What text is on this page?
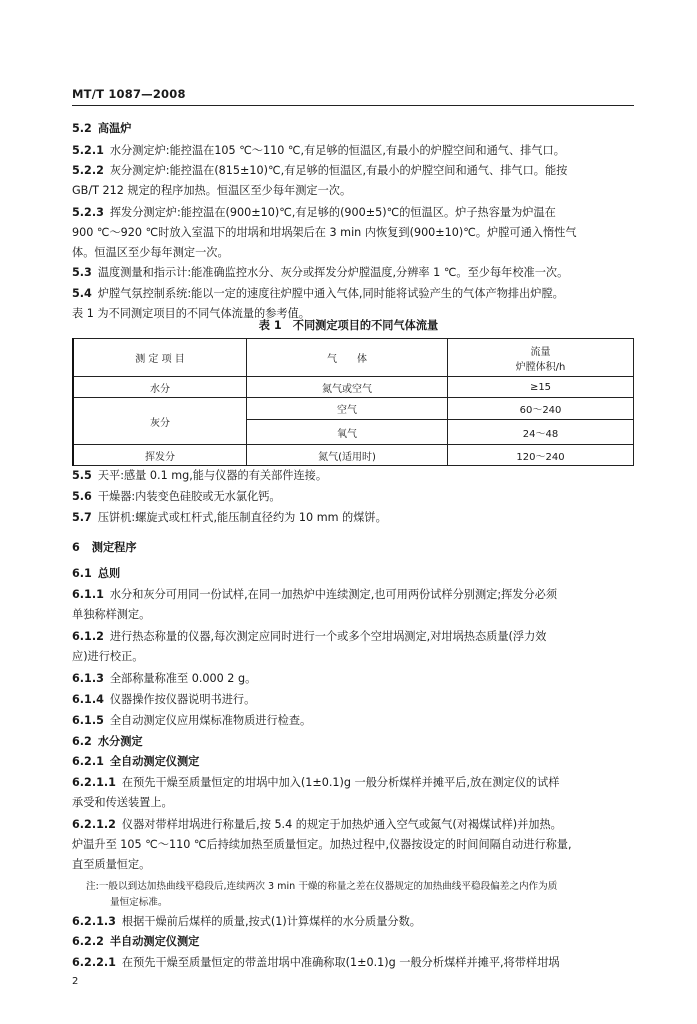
MT/T 1087—2008
5.2 高温炉
5.2.1 水分测定炉:能控温在105 ℃～110 ℃,有足够的恒温区,有最小的炉膛空间和通气、排气口。
5.2.2 灰分测定炉:能控温在(815±10)℃,有足够的恒温区,有最小的炉膛空间和通气、排气口。能按
GB/T 212 规定的程序加热。恒温区至少每年测定一次。
5.2.3 挥发分测定炉:能控温在(900±10)℃,有足够的(900±5)℃的恒温区。炉子热容量为炉温在
900 ℃～920 ℃时放入室温下的坩埚和坩埚架后在 3 min 内恢复到(900±10)℃。炉膛可通入惰性气
体。恒温区至少每年测定一次。
5.3 温度测量和指示计:能准确监控水分、灰分或挥发分炉膛温度,分辨率 1 ℃。至少每年校准一次。
5.4 炉膛气氛控制系统:能以一定的速度往炉膛中通入气体,同时能将试验产生的气体产物排出炉膛。
表 1 为不同测定项目的不同气体流量的参考值。
表 1　不同测定项目的不同气体流量
测 定 项 目	气　　体	流量
炉膛体积/h

水分	氮气或空气	≥15
灰分	空气	60～240
	氧气	24～48
挥发分	氮气(适用时)	120～240
5.5 天平:感量 0.1 mg,能与仪器的有关部件连接。
5.6 干燥器:内装变色硅胶或无水氯化钙。
5.7 压饼机:螺旋式或杠杆式,能压制直径约为 10 mm 的煤饼。
6 测定程序
6.1 总则
6.1.1 水分和灰分可用同一份试样,在同一加热炉中连续测定,也可用两份试样分别测定;挥发分必须
单独称样测定。
6.1.2 进行热态称量的仪器,每次测定应同时进行一个或多个空坩埚测定,对坩埚热态质量(浮力效
应)进行校正。
6.1.3 全部称量称准至 0.000 2 g。
6.1.4 仪器操作按仪器说明书进行。
6.1.5 全自动测定仪应用煤标准物质进行检查。
6.2 水分测定
6.2.1 全自动测定仪测定
6.2.1.1 在预先干燥至质量恒定的坩埚中加入(1±0.1)g 一般分析煤样并摊平后,放在测定仪的试样
承受和传送装置上。
6.2.1.2 仪器对带样坩埚进行称量后,按 5.4 的规定于加热炉通入空气或氮气(对褐煤试样)并加热。
炉温升至 105 ℃～110 ℃后持续加热至质量恒定。加热过程中,仪器按设定的时间间隔自动进行称量,
直至质量恒定。
注:一般以到达加热曲线平稳段后,连续两次 3 min 干燥的称量之差在仪器规定的加热曲线平稳段偏差之内作为质
量恒定标准。
6.2.1.3 根据干燥前后煤样的质量,按式(1)计算煤样的水分质量分数。
6.2.2 半自动测定仪测定
6.2.2.1 在预先干燥至质量恒定的带盖坩埚中准确称取(1±0.1)g 一般分析煤样并摊平,将带样坩埚
2
